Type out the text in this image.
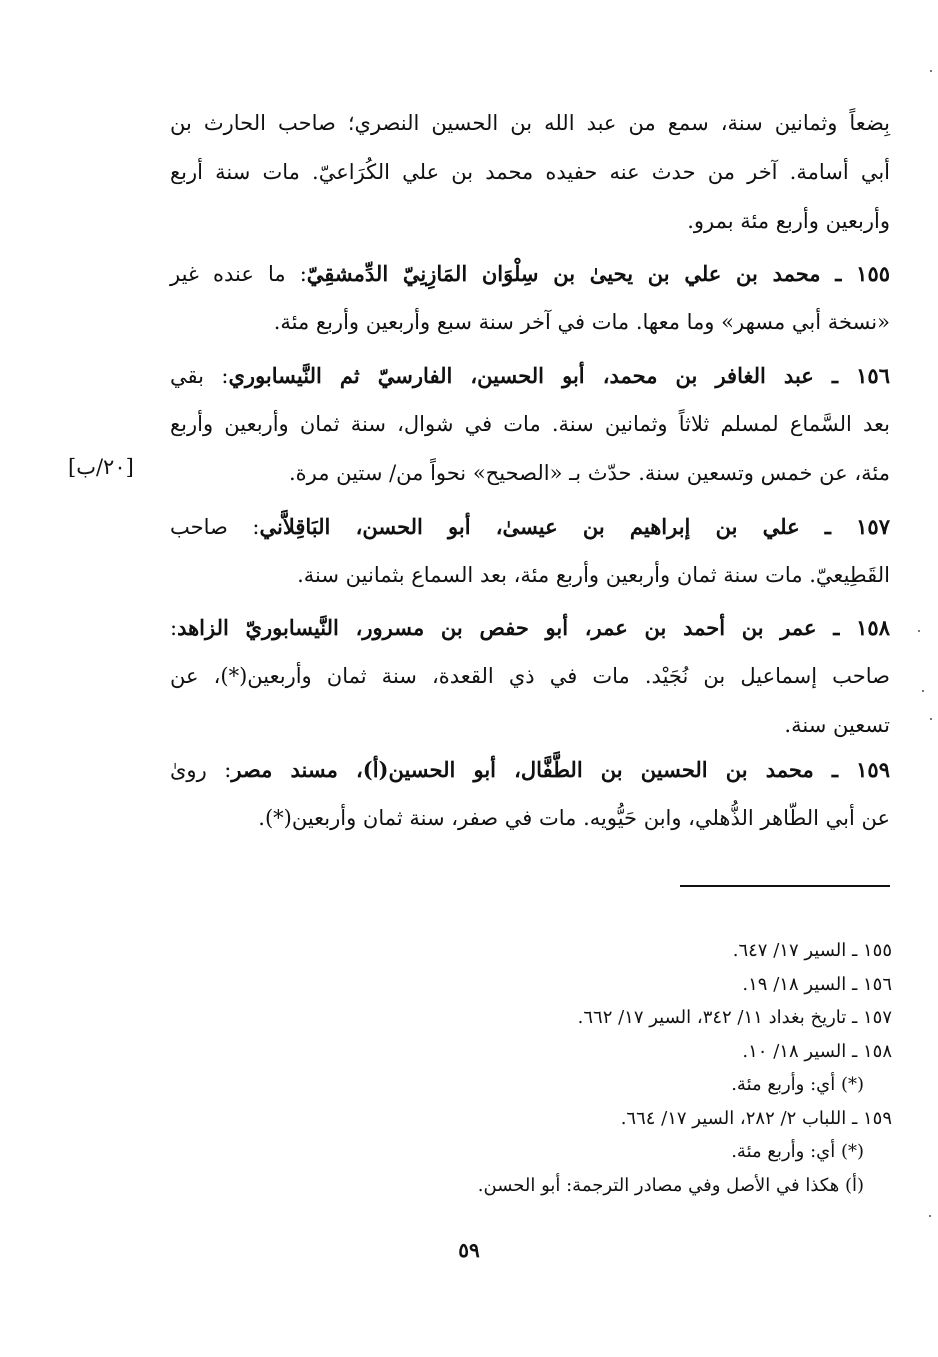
بِضعاً وثمانين سنة، سمع من عبد الله بن الحسين النصري؛ صاحب الحارث بن
أبي أسامة. آخر من حدث عنه حفيده محمد بن علي الكُرَاعيّ. مات سنة أربع
وأربعين وأربع مئة بمرو.
١٥٥ ـ محمد بن علي بن يحيىٰ بن سِلْوَان المَازِنِيّ الدِّمشقِيّ: ما عنده غير
«نسخة أبي مسهر» وما معها. مات في آخر سنة سبع وأربعين وأربع مئة.
١٥٦ ـ عبد الغافر بن محمد، أبو الحسين، الفارسيّ ثم النَّيسابوري: بقي
بعد السَّماع لمسلم ثلاثاً وثمانين سنة. مات في شوال، سنة ثمان وأربعين وأربع
مئة، عن خمس وتسعين سنة. حدّث بـ «الصحيح» نحواً من/ ستين مرة.
١٥٧ ـ علي بن إبراهيم بن عيسىٰ، أبو الحسن، البَاقِلاَّني: صاحب
القَطِيعيّ. مات سنة ثمان وأربعين وأربع مئة، بعد السماع بثمانين سنة.
١٥٨ ـ عمر بن أحمد بن عمر، أبو حفص بن مسرور، النَّيسابوريّ الزاهد:
صاحب إسماعيل بن نُجَيْد. مات في ذي القعدة، سنة ثمان وأربعين(*)، عن
تسعين سنة.
١٥٩ ـ محمد بن الحسين بن الطَّفَّال، أبو الحسين(أ)، مسند مصر: روىٰ
عن أبي الطّاهر الذُّهلي، وابن حَيُّويه. مات في صفر، سنة ثمان وأربعين(*).
[٢٠/ب]
١٥٥ ـ السير ١٧/ ٦٤٧.
١٥٦ ـ السير ١٨/ ١٩.
١٥٧ ـ تاريخ بغداد ١١/ ٣٤٢، السير ١٧/ ٦٦٢.
١٥٨ ـ السير ١٨/ ١٠.
(*) أي: وأربع مئة.
١٥٩ ـ اللباب ٢/ ٢٨٢، السير ١٧/ ٦٦٤.
(*) أي: وأربع مئة.
(أ) هكذا في الأصل وفي مصادر الترجمة: أبو الحسن.
٥٩
